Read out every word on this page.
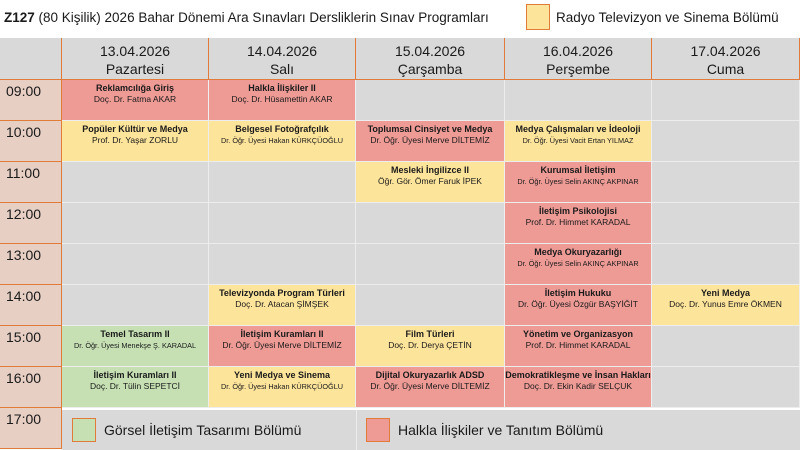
Z127 (80 Kişilik) 2026 Bahar Dönemi Ara Sınavları Dersliklerin Sınav Programları	Radyo Televizyon ve Sinema Bölümü
13.04.2026
Pazartesi
14.04.2026
Salı
15.04.2026
Çarşamba
16.04.2026
Perşembe
17.04.2026
Cuma
09:00
10:00
11:00
12:00
13:00
14:00
15:00
16:00
17:00
Reklamcılığa Giriş
Doç. Dr. Fatma AKAR
Halkla İlişkiler II
Doç. Dr. Hüsamettin AKAR
Popüler Kültür ve Medya
Prof. Dr. Yaşar ZORLU
Belgesel Fotoğrafçılık
Dr. Öğr. Üyesi Hakan KÜRKÇÜOĞLU
Toplumsal Cinsiyet ve Medya
Dr. Öğr. Üyesi Merve DİLTEMİZ
Medya Çalışmaları ve İdeoloji
Dr. Öğr. Üyesi Vacit Ertan YILMAZ
Mesleki İngilizce II
Öğr. Gör. Ömer Faruk İPEK
Kurumsal İletişim
Dr. Öğr. Üyesi Selin AKINÇ AKPINAR
İletişim Psikolojisi
Prof. Dr. Himmet KARADAL
Medya Okuryazarlığı
Dr. Öğr. Üyesi Selin AKINÇ AKPINAR
Televizyonda Program Türleri
Doç. Dr. Atacan ŞİMŞEK
İletişim Hukuku
Dr. Öğr. Üyesi Özgür BAŞYİĞİT
Yeni Medya
Doç. Dr. Yunus Emre ÖKMEN
Temel Tasarım II
Dr. Öğr. Üyesi Menekşe Ş. KARADAL
İletişim Kuramları II
Dr. Öğr. Üyesi Merve DİLTEMİZ
Film Türleri
Doç. Dr. Derya ÇETİN
Yönetim ve Organizasyon
Prof. Dr. Himmet KARADAL
İletişim Kuramları II
Doç. Dr. Tülin SEPETCİ
Yeni Medya ve Sinema
Dr. Öğr. Üyesi Hakan KÜRKÇÜOĞLU
Dijital Okuryazarlık ADSD
Dr. Öğr. Üyesi Merve DİLTEMİZ
Demokratikleşme ve İnsan Hakları
Doç. Dr. Ekin Kadir SELÇUK
Görsel İletişim Tasarımı Bölümü	Halkla İlişkiler ve Tanıtım Bölümü
